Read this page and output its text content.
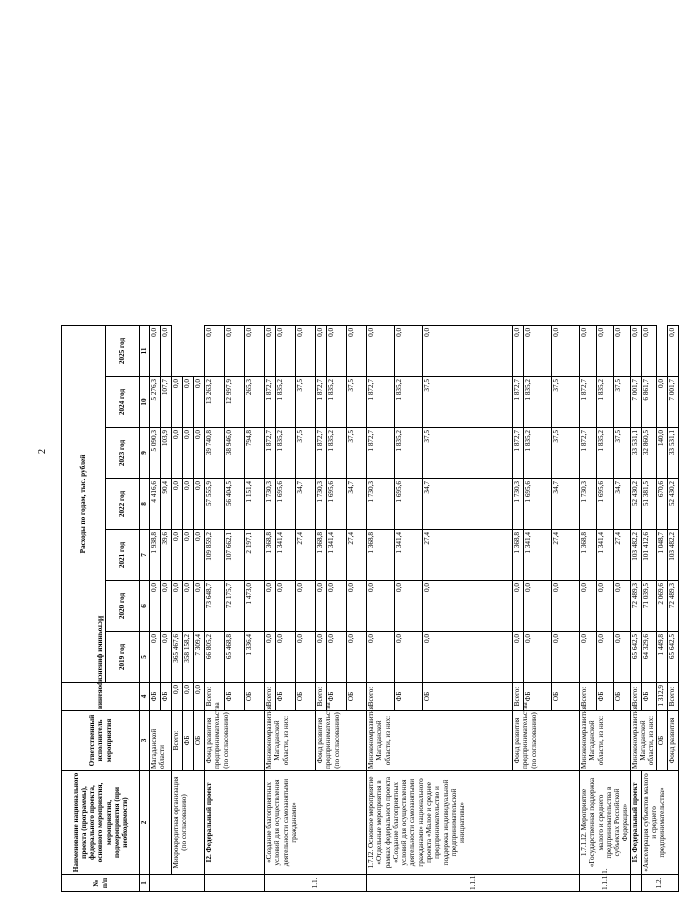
2
№ п/п	Наименование национального проекта (программы), федерального проекта, основного мероприятия, мероприятия, подмероприятия (при необходимости)	Ответственный исполнитель мероприятия	Источники финансирования	Расходы по годам, тыс. рублей							
				2019 год	2020 год	2021 год	2022 год	2023 год	2024 год	2025 год	
1	2	3	4	5	6	7	8	9	10	11	
		Магаданской области	ФБ	0,0	0,0	1 938,8	4 416,6	5 090,3	5 276,3	0,0	
			ФБ	0,0	0,0	39,6	90,4	103,9	107,7	0,0	
	Микрокредитная организация (по согласованию)	Всего:	0,0	365 467,6	0,0	0,0	0,0	0,0	0,0		
		ФБ	0,0	358 158,2	0,0	0,0	0,0	0,0	0,0		
		ОБ	0,0	7 309,4	0,0	0,0	0,0	0,0	0,0		
	I2. Федеральный проект	Фонд развития предпринимательства (по согласованию)	Всего:	66 805,2	73 648,7	109 859,2	57 555,9	39 740,8	13 263,2	0,0	
			ФБ	65 468,8	72 175,7	107 662,1	56 404,5	38 946,0	12 997,9	0,0	
			ОБ	1 336,4	1 473,0	2 197,1	1 151,4	794,8	265,3	0,0	
1.1.	«Создание благоприятных условий для осуществления деятельности самозанятыми гражданами»	Минэкономразвития Магаданской области, из них:	Всего:	0,0	0,0	1 368,8	1 730,3	1 872,7	1 872,7	0,0	
			ФБ	0,0	0,0	1 341,4	1 695,6	1 835,2	1 835,2	0,0	
			ОБ	0,0	0,0	27,4	34,7	37,5	37,5	0,0	
		Фонд развития предпринимательства (по согласованию)	Всего:	0,0	0,0	1 368,8	1 730,3	1 872,7	1 872,7	0,0	
			ФБ	0,0	0,0	1 341,4	1 695,6	1 835,2	1 835,2	0,0	
			ОБ	0,0	0,0	27,4	34,7	37,5	37,5	0,0	
1.1.1.	1.7.I2. Основное мероприятие «Отдельные мероприятия в рамках федерального проекта «Создание благоприятных условий для осуществления деятельности самозанятыми гражданами» национального проекта «Малое и среднее предпринимательство и поддержка индивидуальной предпринимательской инициативы»	Минэкономразвития Магаданской области, из них:	Всего:	0,0	0,0	1 368,8	1 730,3	1 872,7	1 872,7	0,0	
			ФБ	0,0	0,0	1 341,4	1 695,6	1 835,2	1 835,2	0,0	
			ОБ	0,0	0,0	27,4	34,7	37,5	37,5	0,0	
		Фонд развития предпринимательства (по согласованию)	Всего:	0,0	0,0	1 368,8	1 730,3	1 872,7	1 872,7	0,0	
			ФБ	0,0	0,0	1 341,4	1 695,6	1 835,2	1 835,2	0,0	
			ОБ	0,0	0,0	27,4	34,7	37,5	37,5	0,0	
1.1.1.1.	1.7.1.I2. Мероприятие «Государственная поддержка малого и среднего предпринимательства в субъектах Российской Федерации»	Минэкономразвития Магаданской области, из них:	Всего:	0,0	0,0	1 368,8	1 730,3	1 872,7	1 872,7	0,0	
			ФБ	0,0	0,0	1 341,4	1 695,6	1 835,2	1 835,2	0,0	
			ОБ	0,0	0,0	27,4	34,7	37,5	37,5	0,0	
	I5. Федеральный проект	Минэкономразвития Магаданской области, из них:	Всего:	65 642,5	72 489,3	103 482,2	52 430,2	33 531,1	7 001,7	0,0	
1.2.	«Акселерация субъектов малого и среднего предпринимательства»		ФБ	64 329,6	71 039,5	101 412,6	51 381,5	32 860,5	6 861,7	0,0	
		ОБ	1 312,9	1 449,8	2 069,6	1 048,7	670,6	140,0	0,0		
		Фонд развития	Всего:	65 642,5	72 489,3	103 482,2	52 430,2	33 531,1	7 001,7	0,0	
